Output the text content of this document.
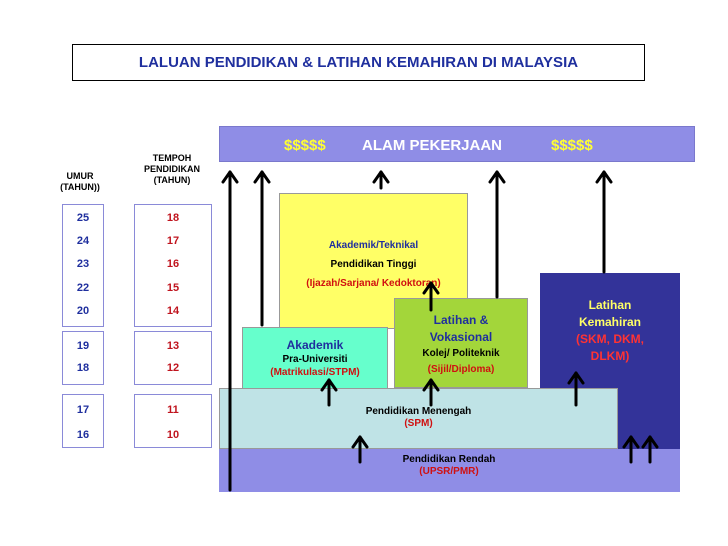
LALUAN PENDIDIKAN & LATIHAN KEMAHIRAN DI MALAYSIA
$$$$$ ALAM PEKERJAAN	$$$$$
UMUR
(TAHUN))
TEMPOH
PENDIDIKAN
(TAHUN)
25
24
23
22
20
19
18
17
16
18
17
16
15
14
13
12
11
10
Latihan
Kemahiran
(SKM, DKM,
DLKM)
Akademik/Teknikal
Pendidikan Tinggi
(Ijazah/Sarjana/ Kedoktoran)
Akademik
Pra-Universiti
(Matrikulasi/STPM)
Latihan &
Vokasional
Kolej/ Politeknik
(Sijil/Diploma)
Pendidikan Menengah
(SPM)
Pendidikan Rendah
(UPSR/PMR)
